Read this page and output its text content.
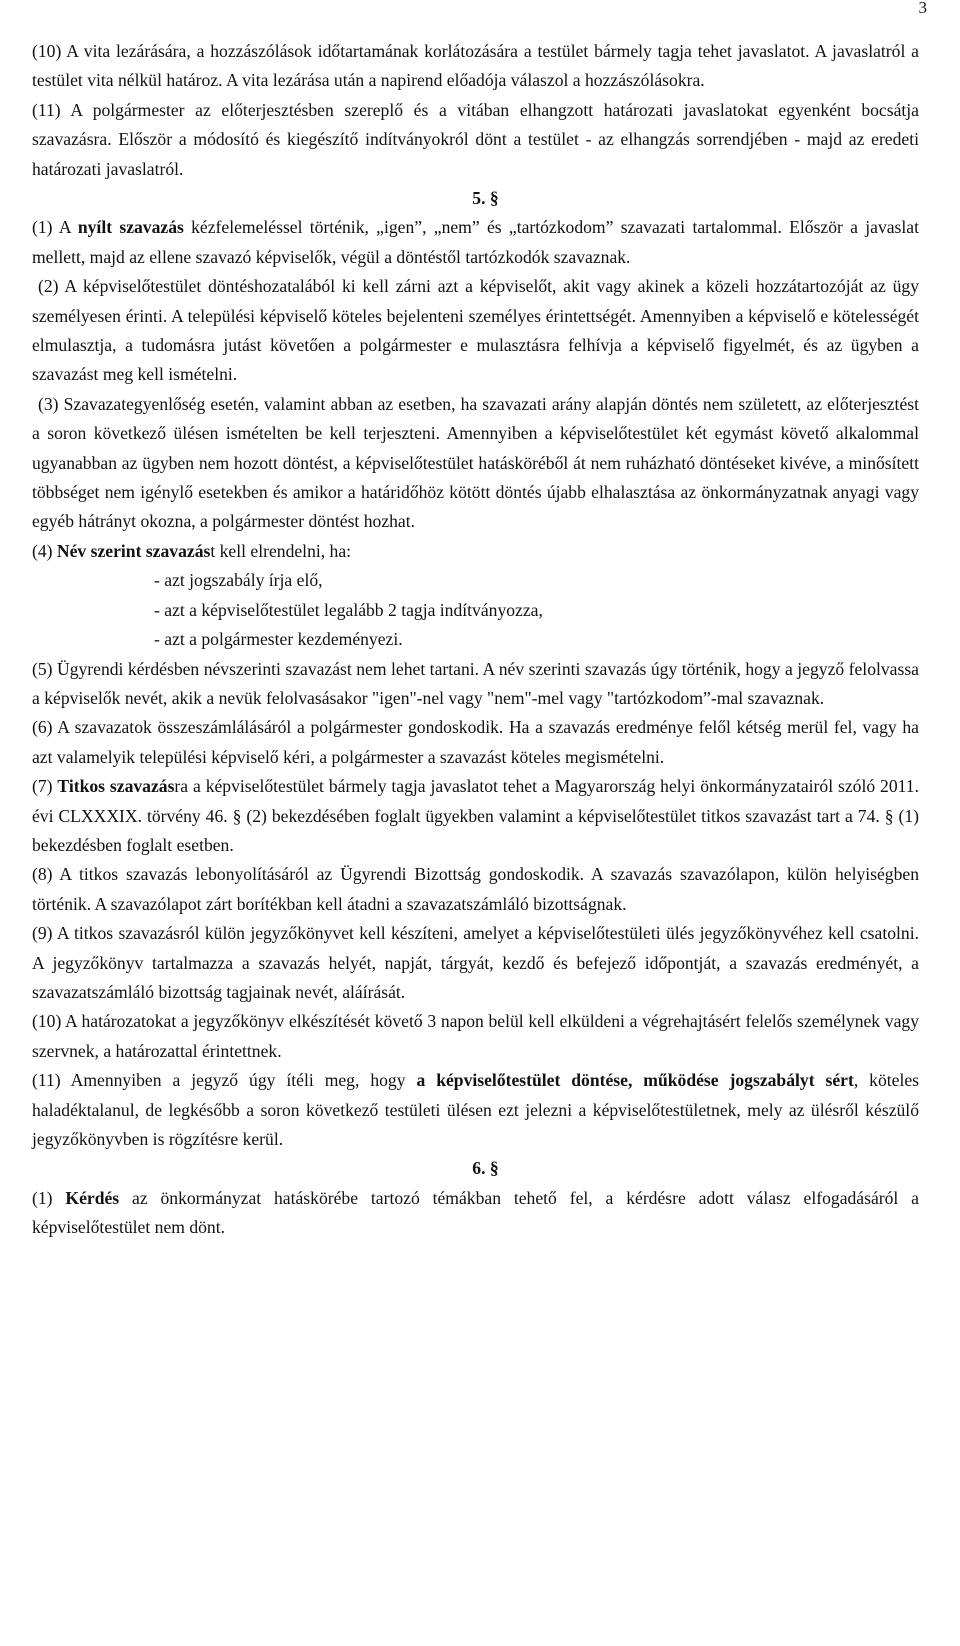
3

(10) A vita lezárására, a hozzászólások időtartamának korlátozására a testület bármely tagja tehet javaslatot. A javaslatról a testület vita nélkül határoz. A vita lezárása után a napirend előadója válaszol a hozzászólásokra.

(11) A polgármester az előterjesztésben szereplő és a vitában elhangzott határozati javaslatokat egyenként bocsátja szavazásra. Először a módosító és kiegészítő indítványokról dönt a testület - az elhangzás sorrendjében - majd az eredeti határozati javaslatról.

5. §

(1) A nyílt szavazás kézfelemeléssel történik, „igen”, „nem” és „tartózkodom” szavazati tartalommal. Először a javaslat mellett, majd az ellene szavazó képviselők, végül a döntéstől tartózkodók szavaznak.

(2) A képviselőtestület döntéshozatalából ki kell zárni azt a képviselőt, akit vagy akinek a közeli hozzátartozóját az ügy személyesen érinti. A települési képviselő köteles bejelenteni személyes érintettségét. Amennyiben a képviselő e kötelességét elmulasztja, a tudomásra jutást követően a polgármester e mulasztásra felhívja a képviselő figyelmét, és az ügyben a szavazást meg kell ismételni.

(3) Szavazategyenlőség esetén, valamint abban az esetben, ha szavazati arány alapján döntés nem született, az előterjesztést a soron következő ülésen ismételten be kell terjeszteni. Amennyiben a képviselőtestület két egymást követő alkalommal ugyanabban az ügyben nem hozott döntést, a képviselőtestület hatásköréből át nem ruházható döntéseket kivéve, a minősített többséget nem igénylő esetekben és amikor a határidőhöz kötött döntés újabb elhalasztása az önkormányzatnak anyagi vagy egyéb hátrányt okozna, a polgármester döntést hozhat.

(4) Név szerint szavazást kell elrendelni, ha:

- azt jogszabály írja elő,

- azt a képviselőtestület legalább 2 tagja indítványozza,

- azt a polgármester kezdeményezi.

(5) Ügyrendi kérdésben névszerinti szavazást nem lehet tartani. A név szerinti szavazás úgy történik, hogy a jegyző felolvassa a képviselők nevét, akik a nevük felolvasásakor "igen"-nel vagy "nem"-mel vagy "tartózkodom”-mal szavaznak.

(6) A szavazatok összeszámlálásáról a polgármester gondoskodik. Ha a szavazás eredménye felől kétség merül fel, vagy ha azt valamelyik települési képviselő kéri, a polgármester a szavazást köteles megismételni.

(7) Titkos szavazásra a képviselőtestület bármely tagja javaslatot tehet a Magyarország helyi önkormányzatairól szóló 2011. évi CLXXXIX. törvény 46. § (2) bekezdésében foglalt ügyekben valamint a képviselőtestület titkos szavazást tart a 74. § (1) bekezdésben foglalt esetben.

(8) A titkos szavazás lebonyolításáról az Ügyrendi Bizottság gondoskodik. A szavazás szavazólapon, külön helyiségben történik. A szavazólapot zárt borítékban kell átadni a szavazatszámláló bizottságnak.

(9) A titkos szavazásról külön jegyzőkönyvet kell készíteni, amelyet a képviselőtestületi ülés jegyzőkönyvéhez kell csatolni. A jegyzőkönyv tartalmazza a szavazás helyét, napját, tárgyát, kezdő és befejező időpontját, a szavazás eredményét, a szavazatszámláló bizottság tagjainak nevét, aláírását.

(10) A határozatokat a jegyzőkönyv elkészítését követő 3 napon belül kell elküldeni a végrehajtásért felelős személynek vagy szervnek, a határozattal érintettnek.

(11) Amennyiben a jegyző úgy ítéli meg, hogy a képviselőtestület döntése, működése jogszabályt sért, köteles haladéktalanul, de legkésőbb a soron következő testületi ülésen ezt jelezni a képviselőtestületnek, mely az ülésről készülő jegyzőkönyvben is rögzítésre kerül.

6. §

(1) Kérdés az önkormányzat hatáskörébe tartozó témákban tehető fel, a kérdésre adott válasz elfogadásáról a képviselőtestület nem dönt.
